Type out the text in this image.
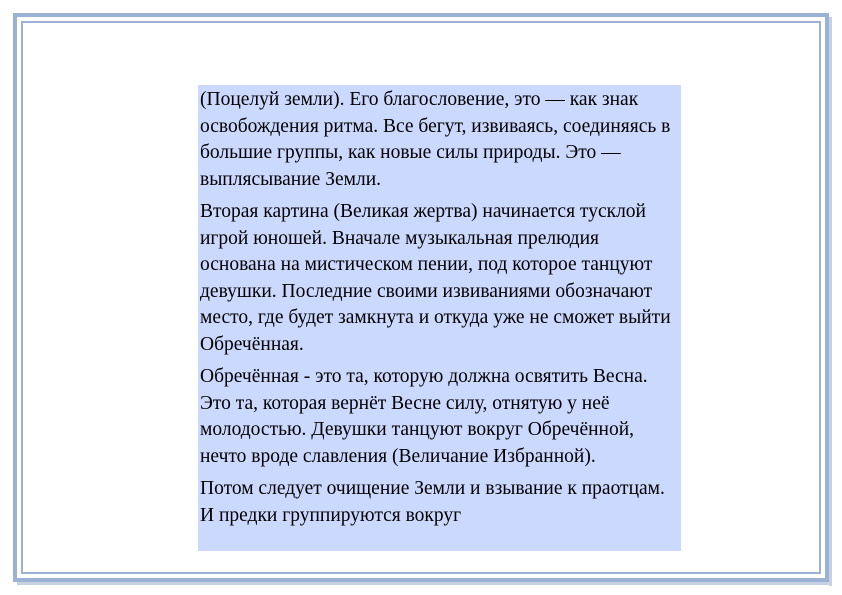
(Поцелуй земли). Его благословение, это — как знак освобождения ритма. Все бегут, извиваясь, соединяясь в большие группы, как новые силы природы. Это — выплясывание Земли.

Вторая картина (Великая жертва) начинается тусклой игрой юношей. Вначале музыкальная прелюдия основана на мистическом пении, под которое танцуют девушки. Последние своими извиваниями обозначают место, где будет замкнута и откуда уже не сможет выйти Обречённая.

Обречённая - это та, которую должна освятить Весна. Это та, которая вернёт Весне силу, отнятую у неё молодостью. Девушки танцуют вокруг Обречённой, нечто вроде славления (Величание Избранной).

Потом следует очищение Земли и взывание к праотцам. И предки группируются вокруг
